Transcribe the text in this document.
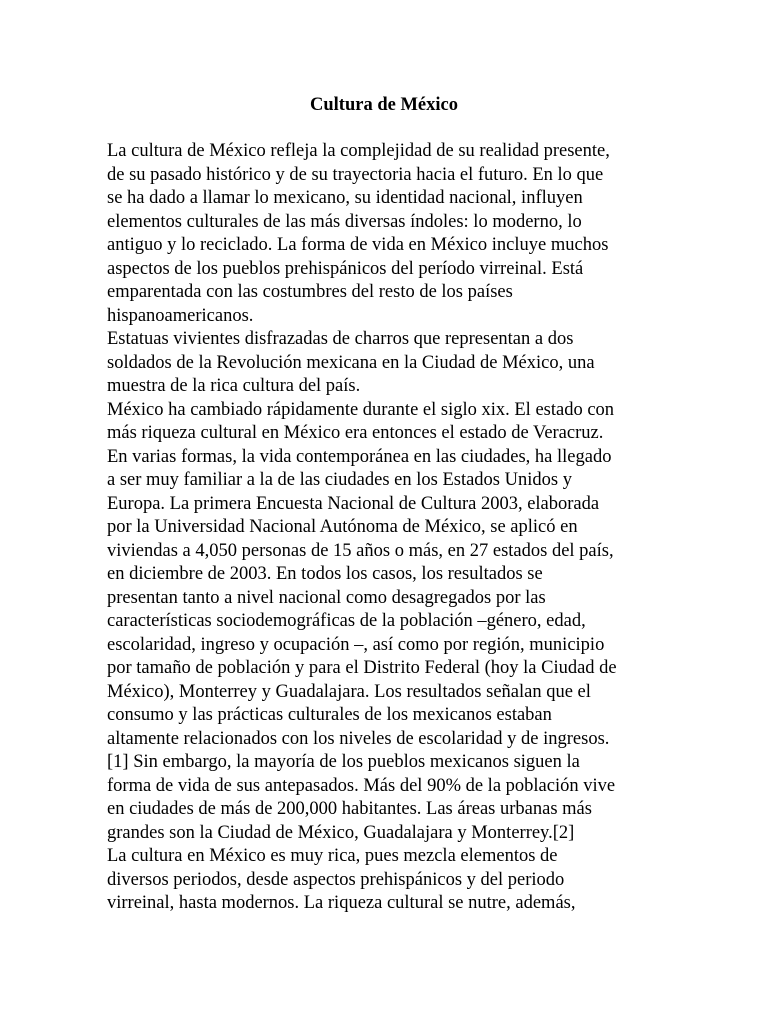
Cultura de México
La cultura de México refleja la complejidad de su realidad presente,
de su pasado histórico y de su trayectoria hacia el futuro. En lo que
se ha dado a llamar lo mexicano, su identidad nacional, influyen
elementos culturales de las más diversas índoles: lo moderno, lo
antiguo y lo reciclado. La forma de vida en México incluye muchos
aspectos de los pueblos prehispánicos del período virreinal. Está
emparentada con las costumbres del resto de los países
hispanoamericanos.
Estatuas vivientes disfrazadas de charros que representan a dos
soldados de la Revolución mexicana en la Ciudad de México, una
muestra de la rica cultura del país.
México ha cambiado rápidamente durante el siglo xix. El estado con
más riqueza cultural en México era entonces el estado de Veracruz.
En varias formas, la vida contemporánea en las ciudades, ha llegado
a ser muy familiar a la de las ciudades en los Estados Unidos y
Europa. La primera Encuesta Nacional de Cultura 2003, elaborada
por la Universidad Nacional Autónoma de México, se aplicó en
viviendas a 4,050 personas de 15 años o más, en 27 estados del país,
en diciembre de 2003. En todos los casos, los resultados se
presentan tanto a nivel nacional como desagregados por las
características sociodemográficas de la población –género, edad,
escolaridad, ingreso y ocupación –, así como por región, municipio
por tamaño de población y para el Distrito Federal (hoy la Ciudad de
México), Monterrey y Guadalajara. Los resultados señalan que el
consumo y las prácticas culturales de los mexicanos estaban
altamente relacionados con los niveles de escolaridad y de ingresos.
[1] Sin embargo, la mayoría de los pueblos mexicanos siguen la
forma de vida de sus antepasados. Más del 90% de la población vive
en ciudades de más de 200,000 habitantes. Las áreas urbanas más
grandes son la Ciudad de México, Guadalajara y Monterrey.[2]
La cultura en México es muy rica, pues mezcla elementos de
diversos periodos, desde aspectos prehispánicos y del periodo
virreinal, hasta modernos. La riqueza cultural se nutre, además,
